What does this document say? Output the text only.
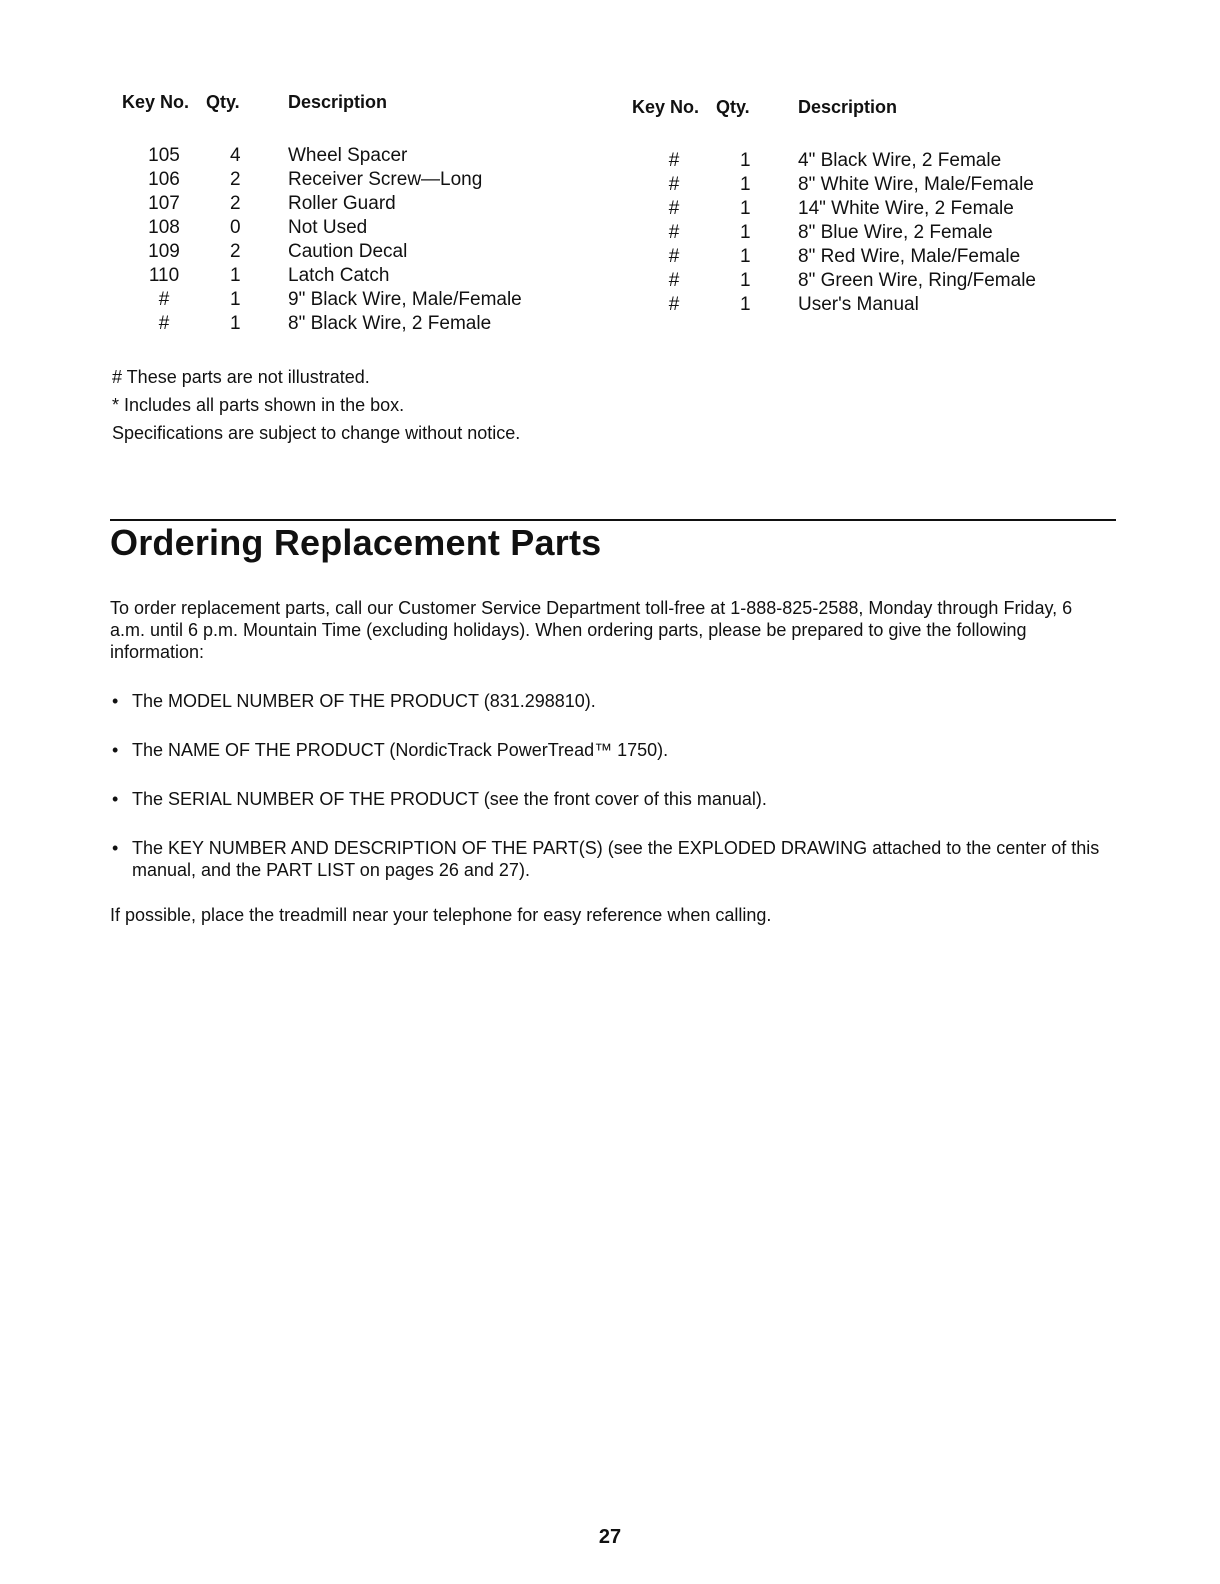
Key No.	Qty.	Description
105	4	Wheel Spacer
106	2	Receiver Screw—Long
107	2	Roller Guard
108	0	Not Used
109	2	Caution Decal
110	1	Latch Catch
#	1	9" Black Wire, Male/Female
#	1	8" Black Wire, 2 Female
Key No.	Qty.	Description
#	1	4" Black Wire, 2 Female
#	1	8" White Wire, Male/Female
#	1	14" White Wire, 2 Female
#	1	8" Blue Wire, 2 Female
#	1	8" Red Wire, Male/Female
#	1	8" Green Wire, Ring/Female
#	1	User's Manual

# These parts are not illustrated.

* Includes all parts shown in the box.

Specifications are subject to change without notice.

Ordering Replacement Parts

To order replacement parts, call our Customer Service Department toll-free at 1-888-825-2588, Monday through Friday, 6 a.m. until 6 p.m. Mountain Time (excluding holidays). When ordering parts, please be prepared to give the following information:

• The MODEL NUMBER OF THE PRODUCT (831.298810).
• The NAME OF THE PRODUCT (NordicTrack PowerTread™ 1750).
• The SERIAL NUMBER OF THE PRODUCT (see the front cover of this manual).
• The KEY NUMBER AND DESCRIPTION OF THE PART(S) (see the EXPLODED DRAWING attached to the center of this manual, and the PART LIST on pages 26 and 27).

If possible, place the treadmill near your telephone for easy reference when calling.

27
